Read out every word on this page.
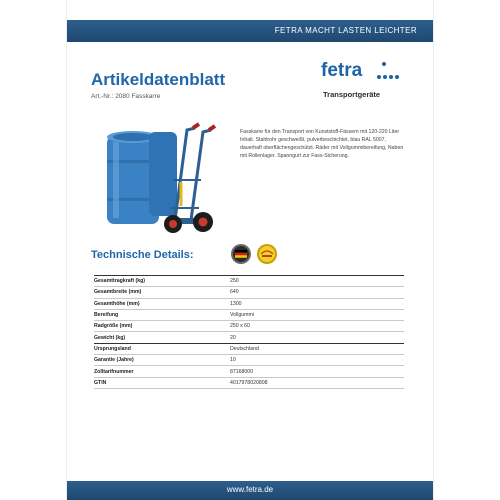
FETRA MACHT LASTEN LEICHTER
Artikeldatenblatt
Art.-Nr.: 2080 Fasskarre
fetra
Transportgeräte
Fasskarre für den Transport von Kunststoff-Fässern mit 120-220 Liter Inhalt. Stahlrohr geschweißt, pulverbeschichtet, blau RAL 5007, dauerhaft oberflächengeschützt. Räder mit Vollgummibereifung, Naben mit Rollenlager. Spanngurt zur Fass-Sicherung.
Technische Details:
Gesamttragkraft (kg)	250
Gesamtbreite (mm)	640
Gesamthöhe (mm)	1300
Bereifung	Vollgummi
Radgröße (mm)	250 x 60
Gewicht (kg)	20
Ursprungsland	Deutschland
Garantie (Jahre)	10
Zolltarifnummer	87168000
GTIN	4017978020808
www.fetra.de
